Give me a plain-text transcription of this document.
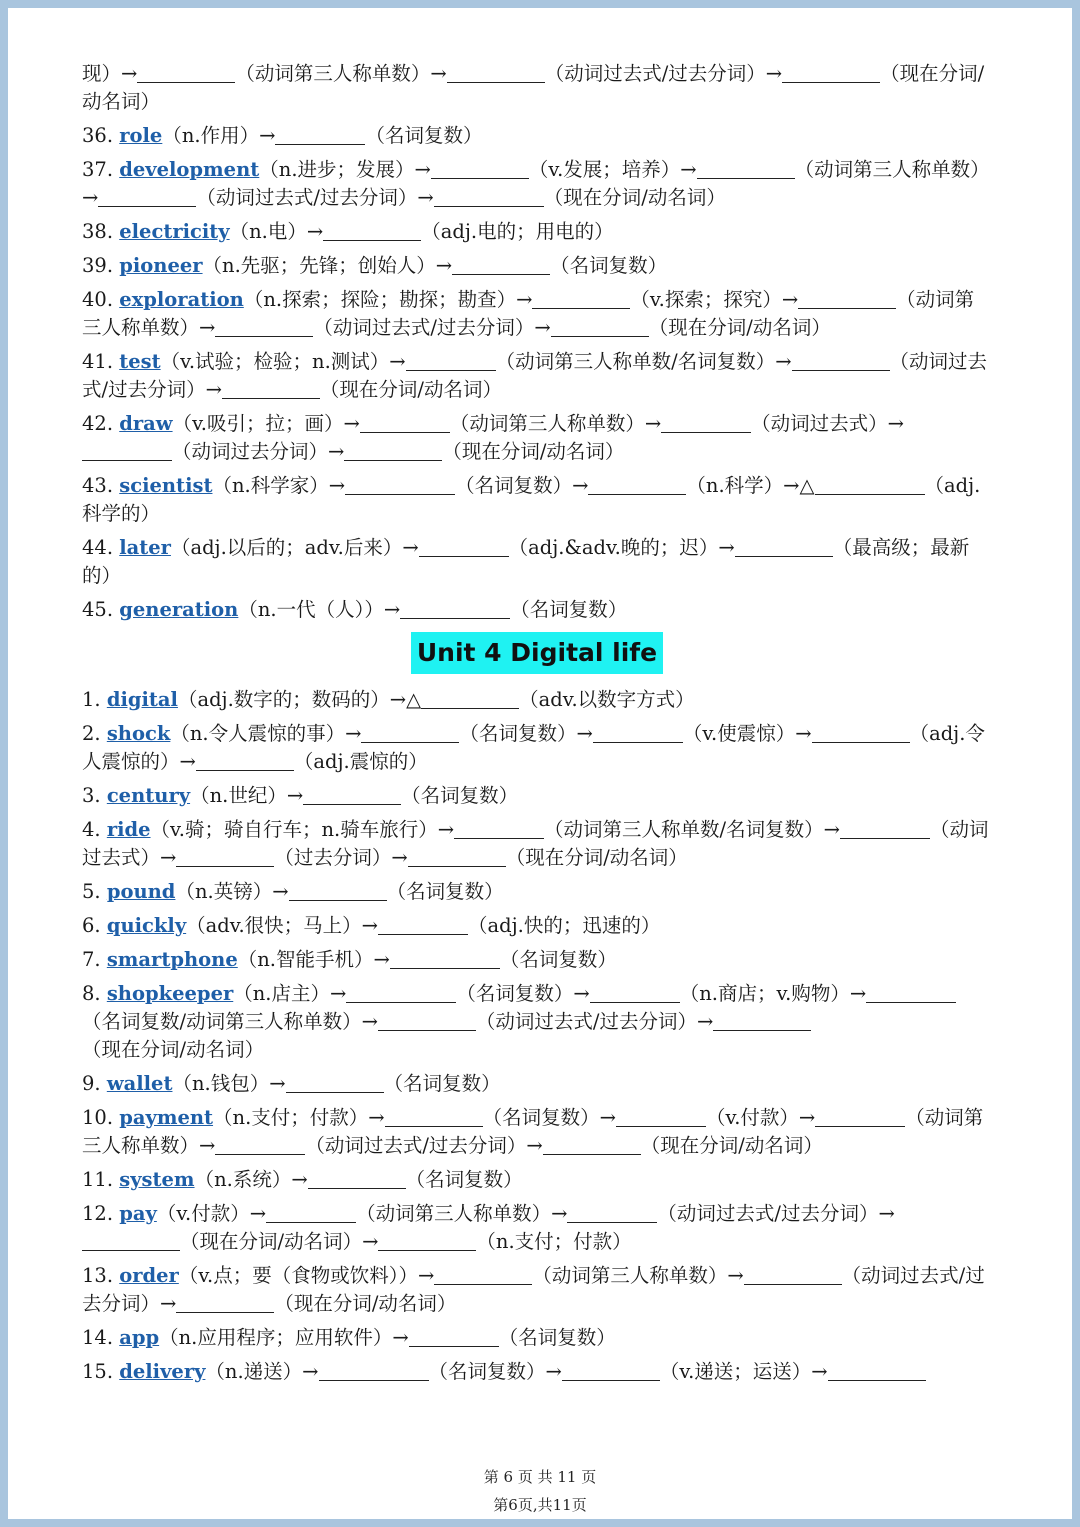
现）→	（动词第三人称单数）→	（动词过去式/过去分词）→	（现在分词/动名词）
36. role（n.作用）→	（名词复数）
37. development（n.进步；发展）→	（v.发展；培养）→	（动词第三人称单数）→	（动词过去式/过去分词）→	（现在分词/动名词）
38. electricity（n.电）→	（adj.电的；用电的）
39. pioneer（n.先驱；先锋；创始人）→	（名词复数）
40. exploration（n.探索；探险；勘探；勘查）→	（v.探索；探究）→	（动词第三人称单数）→	（动词过去式/过去分词）→	（现在分词/动名词）
41. test（v.试验；检验；n.测试）→	（动词第三人称单数/名词复数）→	（动词过去式/过去分词）→	（现在分词/动名词）
42. draw（v.吸引；拉；画）→	（动词第三人称单数）→	（动词过去式）→（动词过去分词）→	（现在分词/动名词）
43. scientist（n.科学家）→	（名词复数）→	（n.科学）→△	（adj.科学的）
44. later（adj.以后的；adv.后来）→	（adj.&adv.晚的；迟）→	（最高级；最新的）
45. generation（n.一代（人））→	（名词复数）
Unit 4 Digital life
1. digital（adj.数字的；数码的）→△	（adv.以数字方式）
2. shock（n.令人震惊的事）→	（名词复数）→	（v.使震惊）→	（adj.令人震惊的）→	（adj.震惊的）
3. century（n.世纪）→	（名词复数）
4. ride（v.骑；骑自行车；n.骑车旅行）→	（动词第三人称单数/名词复数）→	（动词过去式）→	（过去分词）→	（现在分词/动名词）
5. pound（n.英镑）→	（名词复数）
6. quickly（adv.很快；马上）→	（adj.快的；迅速的）
7. smartphone（n.智能手机）→	（名词复数）
8. shopkeeper（n.店主）→	（名词复数）→	（n.商店；v.购物）→（名词复数/动词第三人称单数）→	（动词过去式/过去分词）→（现在分词/动名词）
9. wallet（n.钱包）→	（名词复数）
10. payment（n.支付；付款）→	（名词复数）→	（v.付款）→	（动词第三人称单数）→	（动词过去式/过去分词）→	（现在分词/动名词）
11. system（n.系统）→	（名词复数）
12. pay（v.付款）→	（动词第三人称单数）→	（动词过去式/过去分词）→（现在分词/动名词）→	（n.支付；付款）
13. order（v.点；要（食物或饮料））→	（动词第三人称单数）→	（动词过去式/过去分词）→	（现在分词/动名词）
14. app（n.应用程序；应用软件）→	（名词复数）
15. delivery（n.递送）→	（名词复数）→	（v.递送；运送）→
第 6 页 共 11 页
第6页,共11页
